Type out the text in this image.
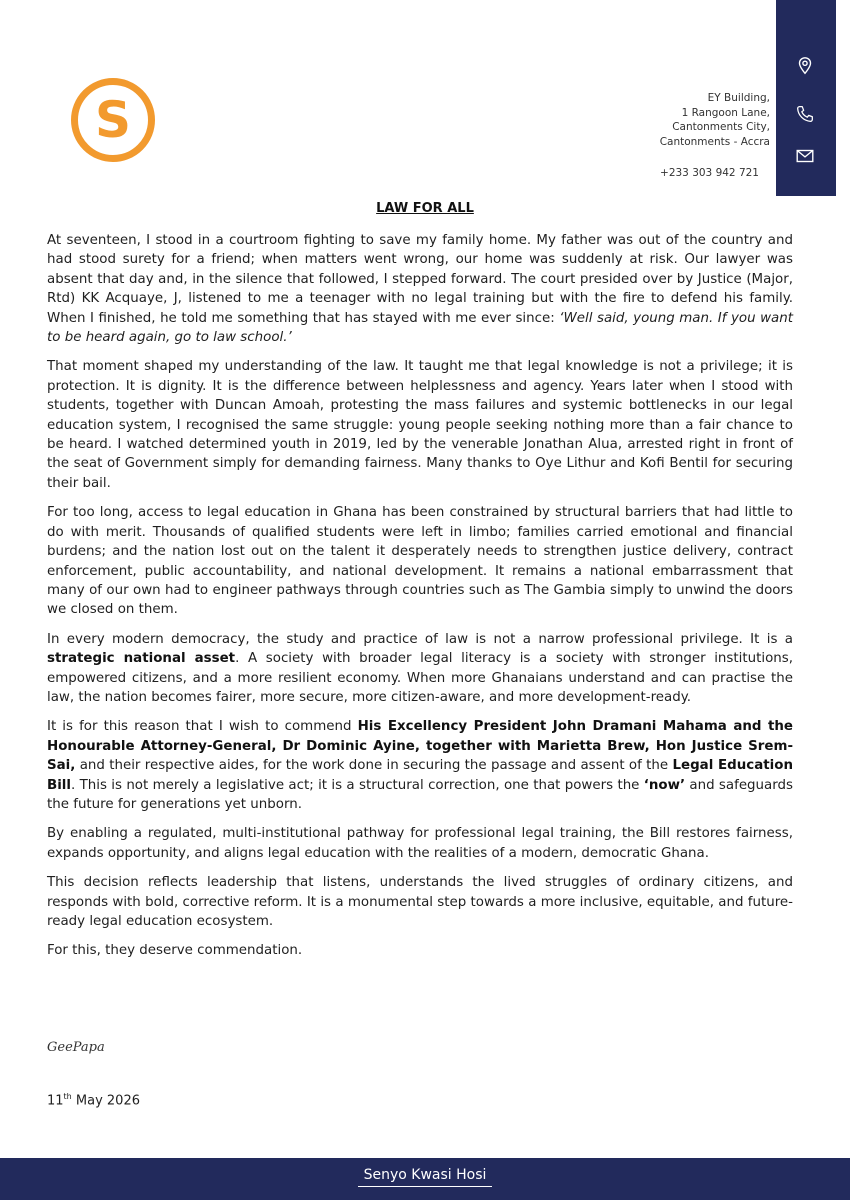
S	EY Building,
1 Rangoon Lane,
Cantonments City,
Cantonments - Accra
+233 303 942 721
LAW FOR ALL

At seventeen, I stood in a courtroom fighting to save my family home. My father was out of the country and had stood surety for a friend; when matters went wrong, our home was suddenly at risk. Our lawyer was absent that day and, in the silence that followed, I stepped forward. The court presided over by Justice (Major, Rtd) KK Acquaye, J, listened to me a teenager with no legal training but with the fire to defend his family. When I finished, he told me something that has stayed with me ever since: ‘Well said, young man. If you want to be heard again, go to law school.’

That moment shaped my understanding of the law. It taught me that legal knowledge is not a privilege; it is protection. It is dignity. It is the difference between helplessness and agency. Years later when I stood with students, together with Duncan Amoah, protesting the mass failures and systemic bottlenecks in our legal education system, I recognised the same struggle: young people seeking nothing more than a fair chance to be heard. I watched determined youth in 2019, led by the venerable Jonathan Alua, arrested right in front of the seat of Government simply for demanding fairness. Many thanks to Oye Lithur and Kofi Bentil for securing their bail.

For too long, access to legal education in Ghana has been constrained by structural barriers that had little to do with merit. Thousands of qualified students were left in limbo; families carried emotional and financial burdens; and the nation lost out on the talent it desperately needs to strengthen justice delivery, contract enforcement, public accountability, and national development. It remains a national embarrassment that many of our own had to engineer pathways through countries such as The Gambia simply to unwind the doors we closed on them.

In every modern democracy, the study and practice of law is not a narrow professional privilege. It is a strategic national asset. A society with broader legal literacy is a society with stronger institutions, empowered citizens, and a more resilient economy. When more Ghanaians understand and can practise the law, the nation becomes fairer, more secure, more citizen-aware, and more development-ready.

It is for this reason that I wish to commend His Excellency President John Dramani Mahama and the Honourable Attorney-General, Dr Dominic Ayine, together with Marietta Brew, Hon Justice Srem-Sai, and their respective aides, for the work done in securing the passage and assent of the Legal Education Bill. This is not merely a legislative act; it is a structural correction, one that powers the ‘now’ and safeguards the future for generations yet unborn.

By enabling a regulated, multi-institutional pathway for professional legal training, the Bill restores fairness, expands opportunity, and aligns legal education with the realities of a modern, democratic Ghana.

This decision reflects leadership that listens, understands the lived struggles of ordinary citizens, and responds with bold, corrective reform. It is a monumental step towards a more inclusive, equitable, and future-ready legal education ecosystem.

For this, they deserve commendation.

GeePapa
11th May 2026
Senyo Kwasi Hosi
